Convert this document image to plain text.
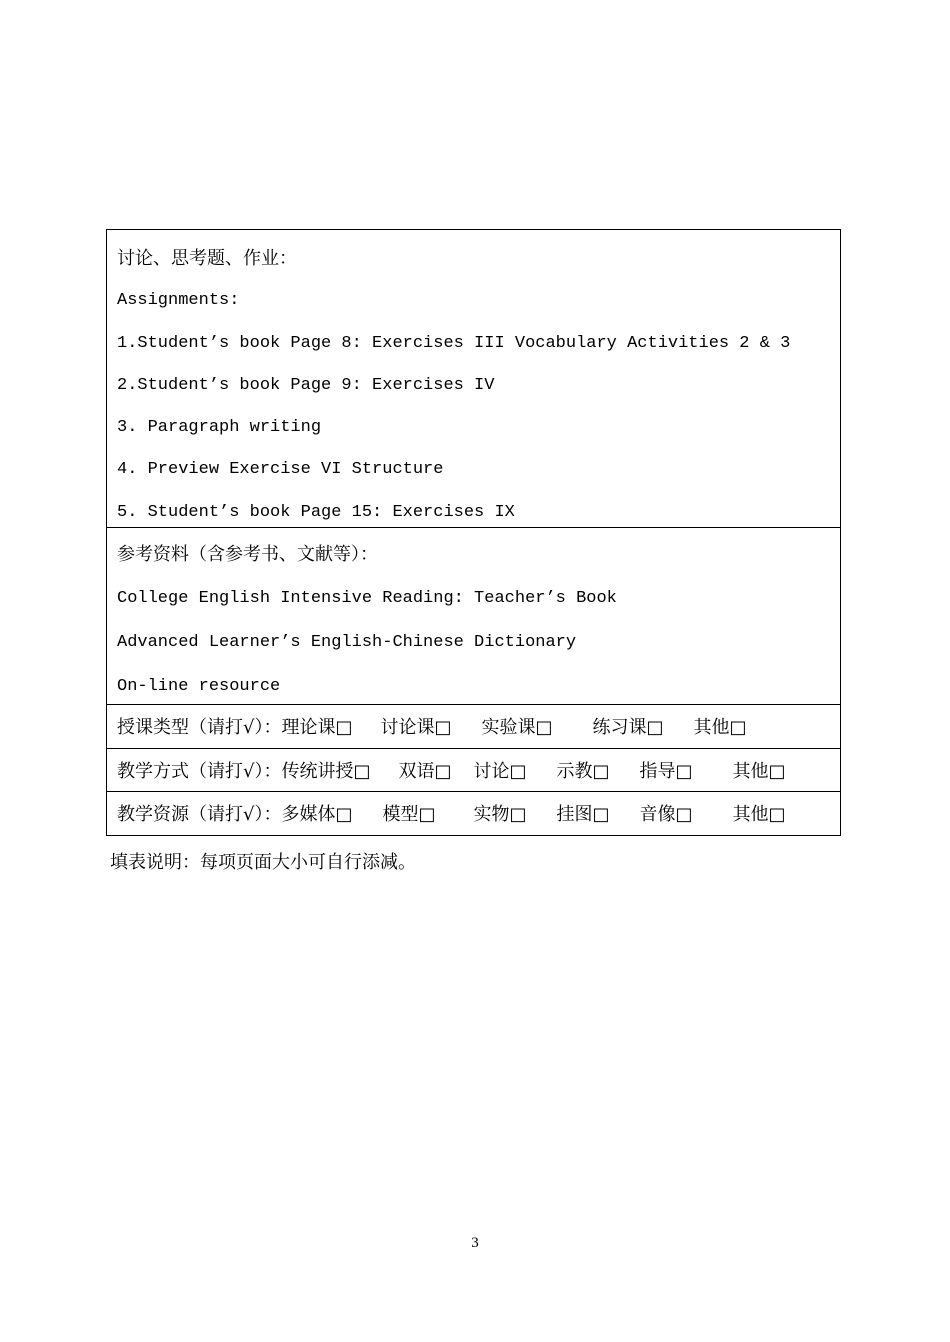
讨论、思考题、作业：
Assignments:
1.Student’s book Page 8: Exercises III Vocabulary Activities 2 & 3
2.Student’s book Page 9: Exercises IV
3. Paragraph writing
4. Preview Exercise VI Structure
5. Student’s book Page 15: Exercises IX
参考资料（含参考书、文献等）：
College English Intensive Reading: Teacher’s Book
Advanced Learner’s English-Chinese Dictionary
On-line resource
授课类型（请打√）： 理论课□ 讨论课□ 实验课□ 练习课□ 其他□
教学方式（请打√）： 传统讲授□ 双语□ 讨论□ 示教□ 指导□ 其他□
教学资源（请打√）： 多媒体□ 模型□ 实物□ 挂图□ 音像□ 其他□
填表说明：每项页面大小可自行添减。
3
